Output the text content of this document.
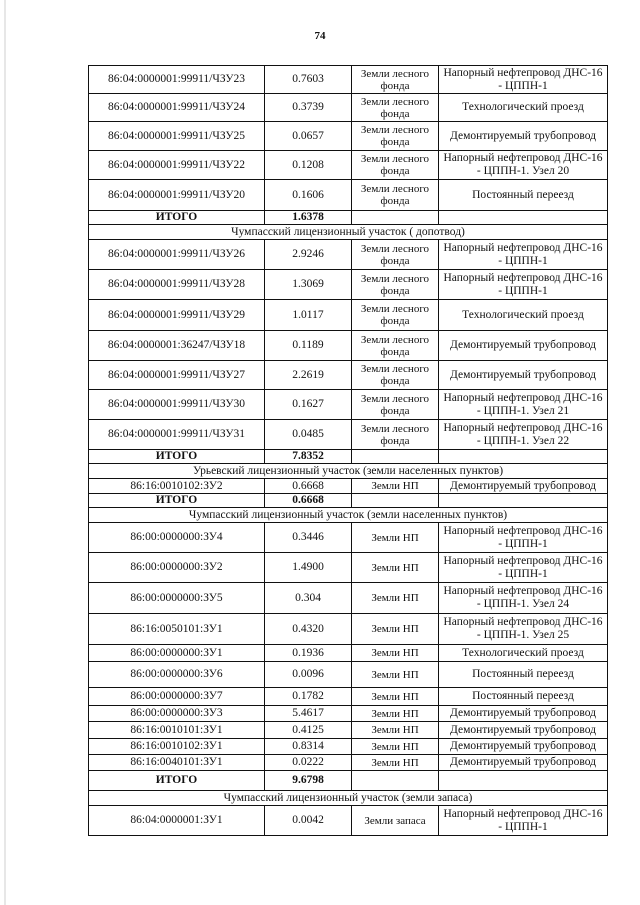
74
86:04:0000001:99911/ЧЗУ23	0.7603	Земли лесного фонда	Напорный нефтепровод ДНС-16 - ЦППН-1
86:04:0000001:99911/ЧЗУ24	0.3739	Земли лесного фонда	Технологический проезд
86:04:0000001:99911/ЧЗУ25	0.0657	Земли лесного фонда	Демонтируемый трубопровод
86:04:0000001:99911/ЧЗУ22	0.1208	Земли лесного фонда	Напорный нефтепровод ДНС-16 - ЦППН-1. Узел 20
86:04:0000001:99911/ЧЗУ20	0.1606	Земли лесного фонда	Постоянный переезд
ИТОГО	1.6378		
Чумпасский лицензионный участок ( допотвод)			
86:04:0000001:99911/ЧЗУ26	2.9246	Земли лесного фонда	Напорный нефтепровод ДНС-16 - ЦППН-1
86:04:0000001:99911/ЧЗУ28	1.3069	Земли лесного фонда	Напорный нефтепровод ДНС-16 - ЦППН-1
86:04:0000001:99911/ЧЗУ29	1.0117	Земли лесного фонда	Технологический проезд
86:04:0000001:36247/ЧЗУ18	0.1189	Земли лесного фонда	Демонтируемый трубопровод
86:04:0000001:99911/ЧЗУ27	2.2619	Земли лесного фонда	Демонтируемый трубопровод
86:04:0000001:99911/ЧЗУ30	0.1627	Земли лесного фонда	Напорный нефтепровод ДНС-16 - ЦППН-1. Узел 21
86:04:0000001:99911/ЧЗУ31	0.0485	Земли лесного фонда	Напорный нефтепровод ДНС-16 - ЦППН-1. Узел 22
ИТОГО	7.8352		
Урьевский лицензионный участок (земли населенных пунктов)			
86:16:0010102:ЗУ2	0.6668	Земли НП	Демонтируемый трубопровод
ИТОГО	0.6668		
Чумпасский лицензионный участок (земли населенных пунктов)			
86:00:0000000:ЗУ4	0.3446	Земли НП	Напорный нефтепровод ДНС-16 - ЦППН-1
86:00:0000000:ЗУ2	1.4900	Земли НП	Напорный нефтепровод ДНС-16 - ЦППН-1
86:00:0000000:ЗУ5	0.304	Земли НП	Напорный нефтепровод ДНС-16 - ЦППН-1. Узел 24
86:16:0050101:ЗУ1	0.4320	Земли НП	Напорный нефтепровод ДНС-16 - ЦППН-1. Узел 25
86:00:0000000:ЗУ1	0.1936	Земли НП	Технологический проезд
86:00:0000000:ЗУ6	0.0096	Земли НП	Постоянный переезд
86:00:0000000:ЗУ7	0.1782	Земли НП	Постоянный переезд
86:00:0000000:ЗУ3	5.4617	Земли НП	Демонтируемый трубопровод
86:16:0010101:ЗУ1	0.4125	Земли НП	Демонтируемый трубопровод
86:16:0010102:ЗУ1	0.8314	Земли НП	Демонтируемый трубопровод
86:16:0040101:ЗУ1	0.0222	Земли НП	Демонтируемый трубопровод
ИТОГО	9.6798		
Чумпасский лицензионный участок (земли запаса)			
86:04:0000001:ЗУ1	0.0042	Земли запаса	Напорный нефтепровод ДНС-16 - ЦППН-1
